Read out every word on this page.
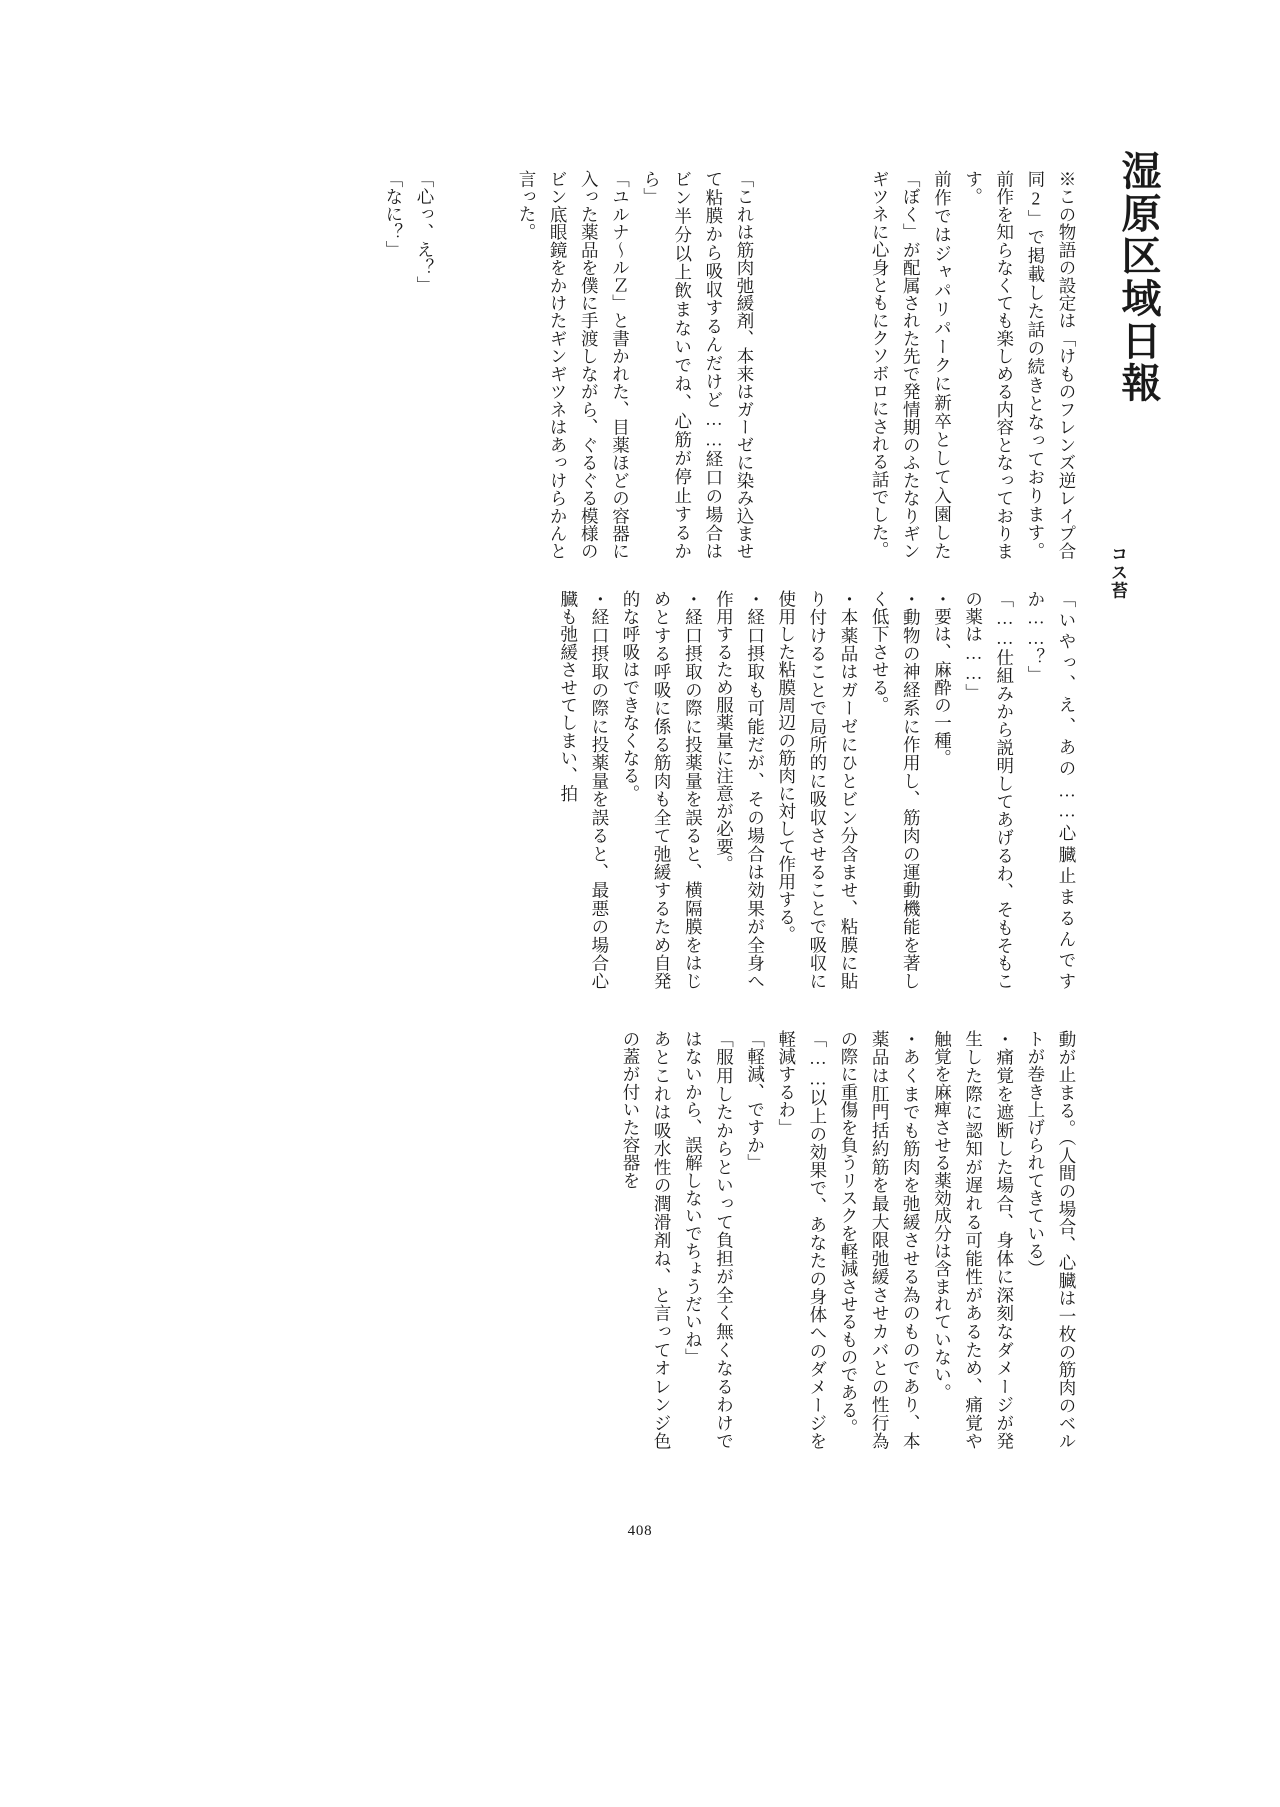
湿原区域日報
コス苔

※この物語の設定は「けものフレンズ逆レイプ合同2」で掲載した話の続きとなっております。前作を知らなくても楽しめる内容となっております。

前作ではジャパリパークに新卒として入園した「ぼく」が配属された先で発情期のふたなりギンギツネに心身ともにクソボロにされる話でした。

「これは筋肉弛緩剤、本来はガーゼに染み込ませて粘膜から吸収するんだけど……経口の場合はビン半分以上飲まないでね、心筋が停止するから」

「ユルナ〜ルＺ」と書かれた、目薬ほどの容器に入った薬品を僕に手渡しながら、ぐるぐる模様のビン底眼鏡をかけたギンギツネはあっけらかんと言った。

「心っ、え？」

「なに？」

「いやっ、え、あの……心臓止まるんですか……？」

「……仕組みから説明してあげるわ、そもそもこの薬は……」

・要は、麻酔の一種。

・動物の神経系に作用し、筋肉の運動機能を著しく低下させる。

・本薬品はガーゼにひとビン分含ませ、粘膜に貼り付けることで局所的に吸収させることで吸収に使用した粘膜周辺の筋肉に対して作用する。

・経口摂取も可能だが、その場合は効果が全身へ作用するため服薬量に注意が必要。

・経口摂取の際に投薬量を誤ると、横隔膜をはじめとする呼吸に係る筋肉も全て弛緩するため自発的な呼吸はできなくなる。

・経口摂取の際に投薬量を誤ると、最悪の場合心臓も弛緩させてしまい、拍

動が止まる。（人間の場合、心臓は一枚の筋肉のベルトが巻き上げられてきている）

・痛覚を遮断した場合、身体に深刻なダメージが発生した際に認知が遅れる可能性があるため、痛覚や触覚を麻痺させる薬効成分は含まれていない。

・あくまでも筋肉を弛緩させる為のものであり、本薬品は肛門括約筋を最大限弛緩させカバとの性行為の際に重傷を負うリスクを軽減させるものである。

「……以上の効果で、あなたの身体へのダメージを軽減するわ」

「軽減、ですか」

「服用したからといって負担が全く無くなるわけではないから、誤解しないでちょうだいね」

あとこれは吸水性の潤滑剤ね、と言ってオレンジ色の蓋が付いた容器を

408
